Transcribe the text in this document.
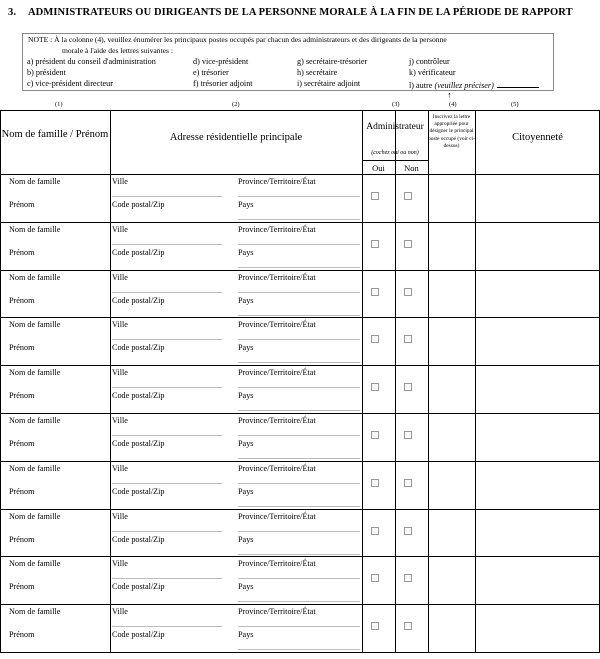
3. ADMINISTRATEURS OU DIRIGEANTS DE LA PERSONNE MORALE À LA FIN DE LA PÉRIODE DE RAPPORT
NOTE : À la colonne (4), veuillez énumérer les principaux postes occupés par chacun des administrateurs et des dirigeants de la personne
morale à l'aide des lettres suivantes :
a) président du conseil d'administration
b) président
c) vice-président directeur
d) vice-président
e) trésorier
f) trésorier adjoint
g) secrétaire-trésorier
h) secrétaire
i) secrétaire adjoint
j) contrôleur
k) vérificateur
l) autre (veuillez préciser)
↑
(1)	(2)	(3)	(4)	(5)
Nom de famille / Prénom	Adresse résidentielle principale
Administrateur
(cochez oui ou non)
Oui	Non
Inscrivez la lettre appropriée pour désigner le principal poste occupé (voir ci-dessus)
Citoyenneté
Nom de famille
Prénom
Ville	Province/Territoire/État
Code postal/Zip	Pays
Nom de famille
Prénom
Ville	Province/Territoire/État
Code postal/Zip	Pays
Nom de famille
Prénom
Ville	Province/Territoire/État
Code postal/Zip	Pays
Nom de famille
Prénom
Ville	Province/Territoire/État
Code postal/Zip	Pays
Nom de famille
Prénom
Ville	Province/Territoire/État
Code postal/Zip	Pays
Nom de famille
Prénom
Ville	Province/Territoire/État
Code postal/Zip	Pays
Nom de famille
Prénom
Ville	Province/Territoire/État
Code postal/Zip	Pays
Nom de famille
Prénom
Ville	Province/Territoire/État
Code postal/Zip	Pays
Nom de famille
Prénom
Ville	Province/Territoire/État
Code postal/Zip	Pays
Nom de famille
Prénom
Ville	Province/Territoire/État
Code postal/Zip	Pays
